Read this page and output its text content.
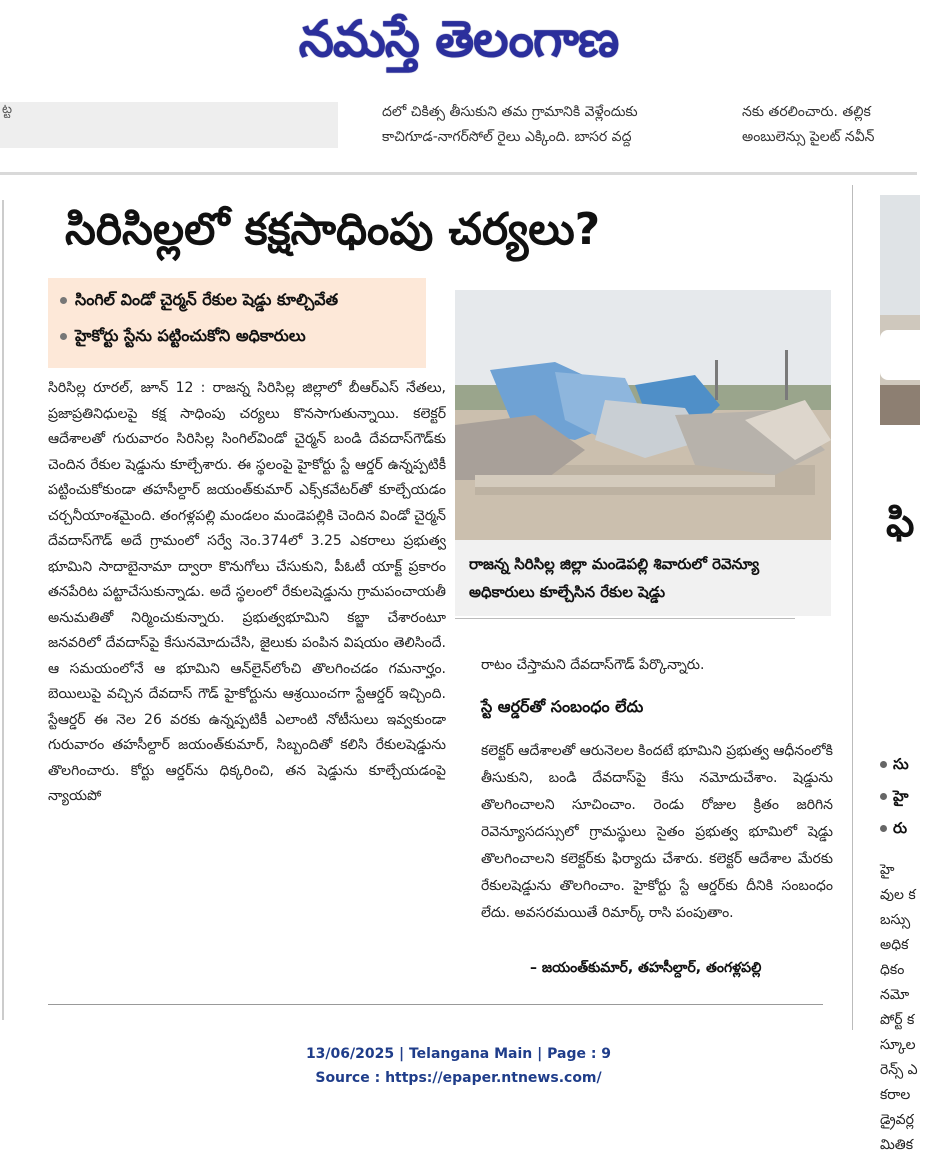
నమస్తే తెలంగాణ
ట్ట	దలో చికిత్స తీసుకుని తమ గ్రామానికి వెళ్లేందుకు
కాచిగూడ-నాగర్‌సోల్ రైలు ఎక్కింది. బాసర వద్ద
నకు తరలించారు. తల్లిక
అంబులెన్సు పైలట్ నవీన్
సిరిసిల్లలో కక్షసాధింపు చర్యలు?
సింగిల్ విండో చైర్మన్ రేకుల షెడ్డు కూల్చివేత
హైకోర్టు స్టేను పట్టించుకోని అధికారులు

సిరిసిల్ల రూరల్, జూన్ 12 : రాజన్న సిరిసిల్ల జిల్లాలో బీఆర్‌ఎస్ నేతలు, ప్రజాప్రతినిధులపై కక్ష సాధింపు చర్యలు కొనసాగుతున్నాయి. కలెక్టర్ ఆదేశాలతో గురువారం సిరిసిల్ల సింగిల్‌విండో చైర్మన్ బండి దేవదాస్‌గౌడ్‌కు చెందిన రేకుల షెడ్డును కూల్చేశారు. ఈ స్థలంపై హైకోర్టు స్టే ఆర్డర్ ఉన్నప్పటికీ పట్టించుకోకుండా తహసీల్దార్ జయంత్‌కుమార్ ఎక్స్‌కవేటర్‌తో కూల్చేయడం చర్చనీయాంశమైంది. తంగళ్లపల్లి మండలం మండెపల్లికి చెందిన విండో చైర్మన్ దేవదాస్‌గౌడ్ అదే గ్రామంలో సర్వే నెం.374లో 3.25 ఎకరాలు ప్రభుత్వ భూమిని సాదాబైనామా ద్వారా కొనుగోలు చేసుకుని, పీఓటీ యాక్ట్ ప్రకారం తనపేరిట పట్టాచేసుకున్నాడు. అదే స్థలంలో రేకులషెడ్డును గ్రామపంచాయతీ అనుమతితో నిర్మించుకున్నారు. ప్రభుత్వభూమిని కబ్జా చేశారంటూ జనవరిలో దేవదాస్‌పై కేసునమోదుచేసి, జైలుకు పంపిన విషయం తెలిసిందే. ఆ సమయంలోనే ఆ భూమిని ఆన్‌లైన్‌లోంచి తొలగించడం గమనార్హం. బెయిలుపై వచ్చిన దేవదాస్ గౌడ్ హైకోర్టును ఆశ్రయించగా స్టేఆర్డర్ ఇచ్చింది. స్టేఆర్డర్ ఈ నెల 26 వరకు ఉన్నప్పటికీ ఎలాంటి నోటీసులు ఇవ్వకుండా గురువారం తహసీల్దార్ జయంత్‌కుమార్, సిబ్బందితో కలిసి రేకులషెడ్డును తొలగించారు. కోర్టు ఆర్డర్‌ను ధిక్కరించి, తన షెడ్డును కూల్చేయడంపై న్యాయపో

రాజన్న సిరిసిల్ల జిల్లా మండెపల్లి శివారులో రెవెన్యూ అధికారులు కూల్చేసిన రేకుల షెడ్డు

రాటం చేస్తామని దేవదాస్‌గౌడ్ పేర్కొన్నారు.

స్టే ఆర్డర్‌తో సంబంధం లేదు
కలెక్టర్ ఆదేశాలతో ఆరునెలల కిందటే భూమిని ప్రభుత్వ ఆధీనంలోకి తీసుకుని, బండి దేవదాస్‌పై కేసు నమోదుచేశాం. షెడ్డును తొలగించాలని సూచించాం. రెండు రోజుల క్రితం జరిగిన రెవెన్యూసదస్సులో గ్రామస్థులు సైతం ప్రభుత్వ భూమిలో షెడ్డు తొలగించాలని కలెక్టర్‌కు ఫిర్యాదు చేశారు. కలెక్టర్ ఆదేశాల మేరకు రేకులషెడ్డును తొలగించాం. హైకోర్టు స్టే ఆర్డర్‌కు దీనికి సంబంధం లేదు. అవసరమయితే రిమార్క్ రాసి పంపుతాం.
– జయంత్‌కుమార్, తహసీల్దార్, తంగళ్లపల్లి
ఫి
సు
హై
రు
హై
వుల క
బస్సు
అధిక
ధికం
నమో
పోర్ట్ క
స్కూల
రెన్స్ ఎ
కరాల
డ్రైవర్ల
మితిక
13/06/2025 | Telangana Main | Page : 9
Source : https://epaper.ntnews.com/
